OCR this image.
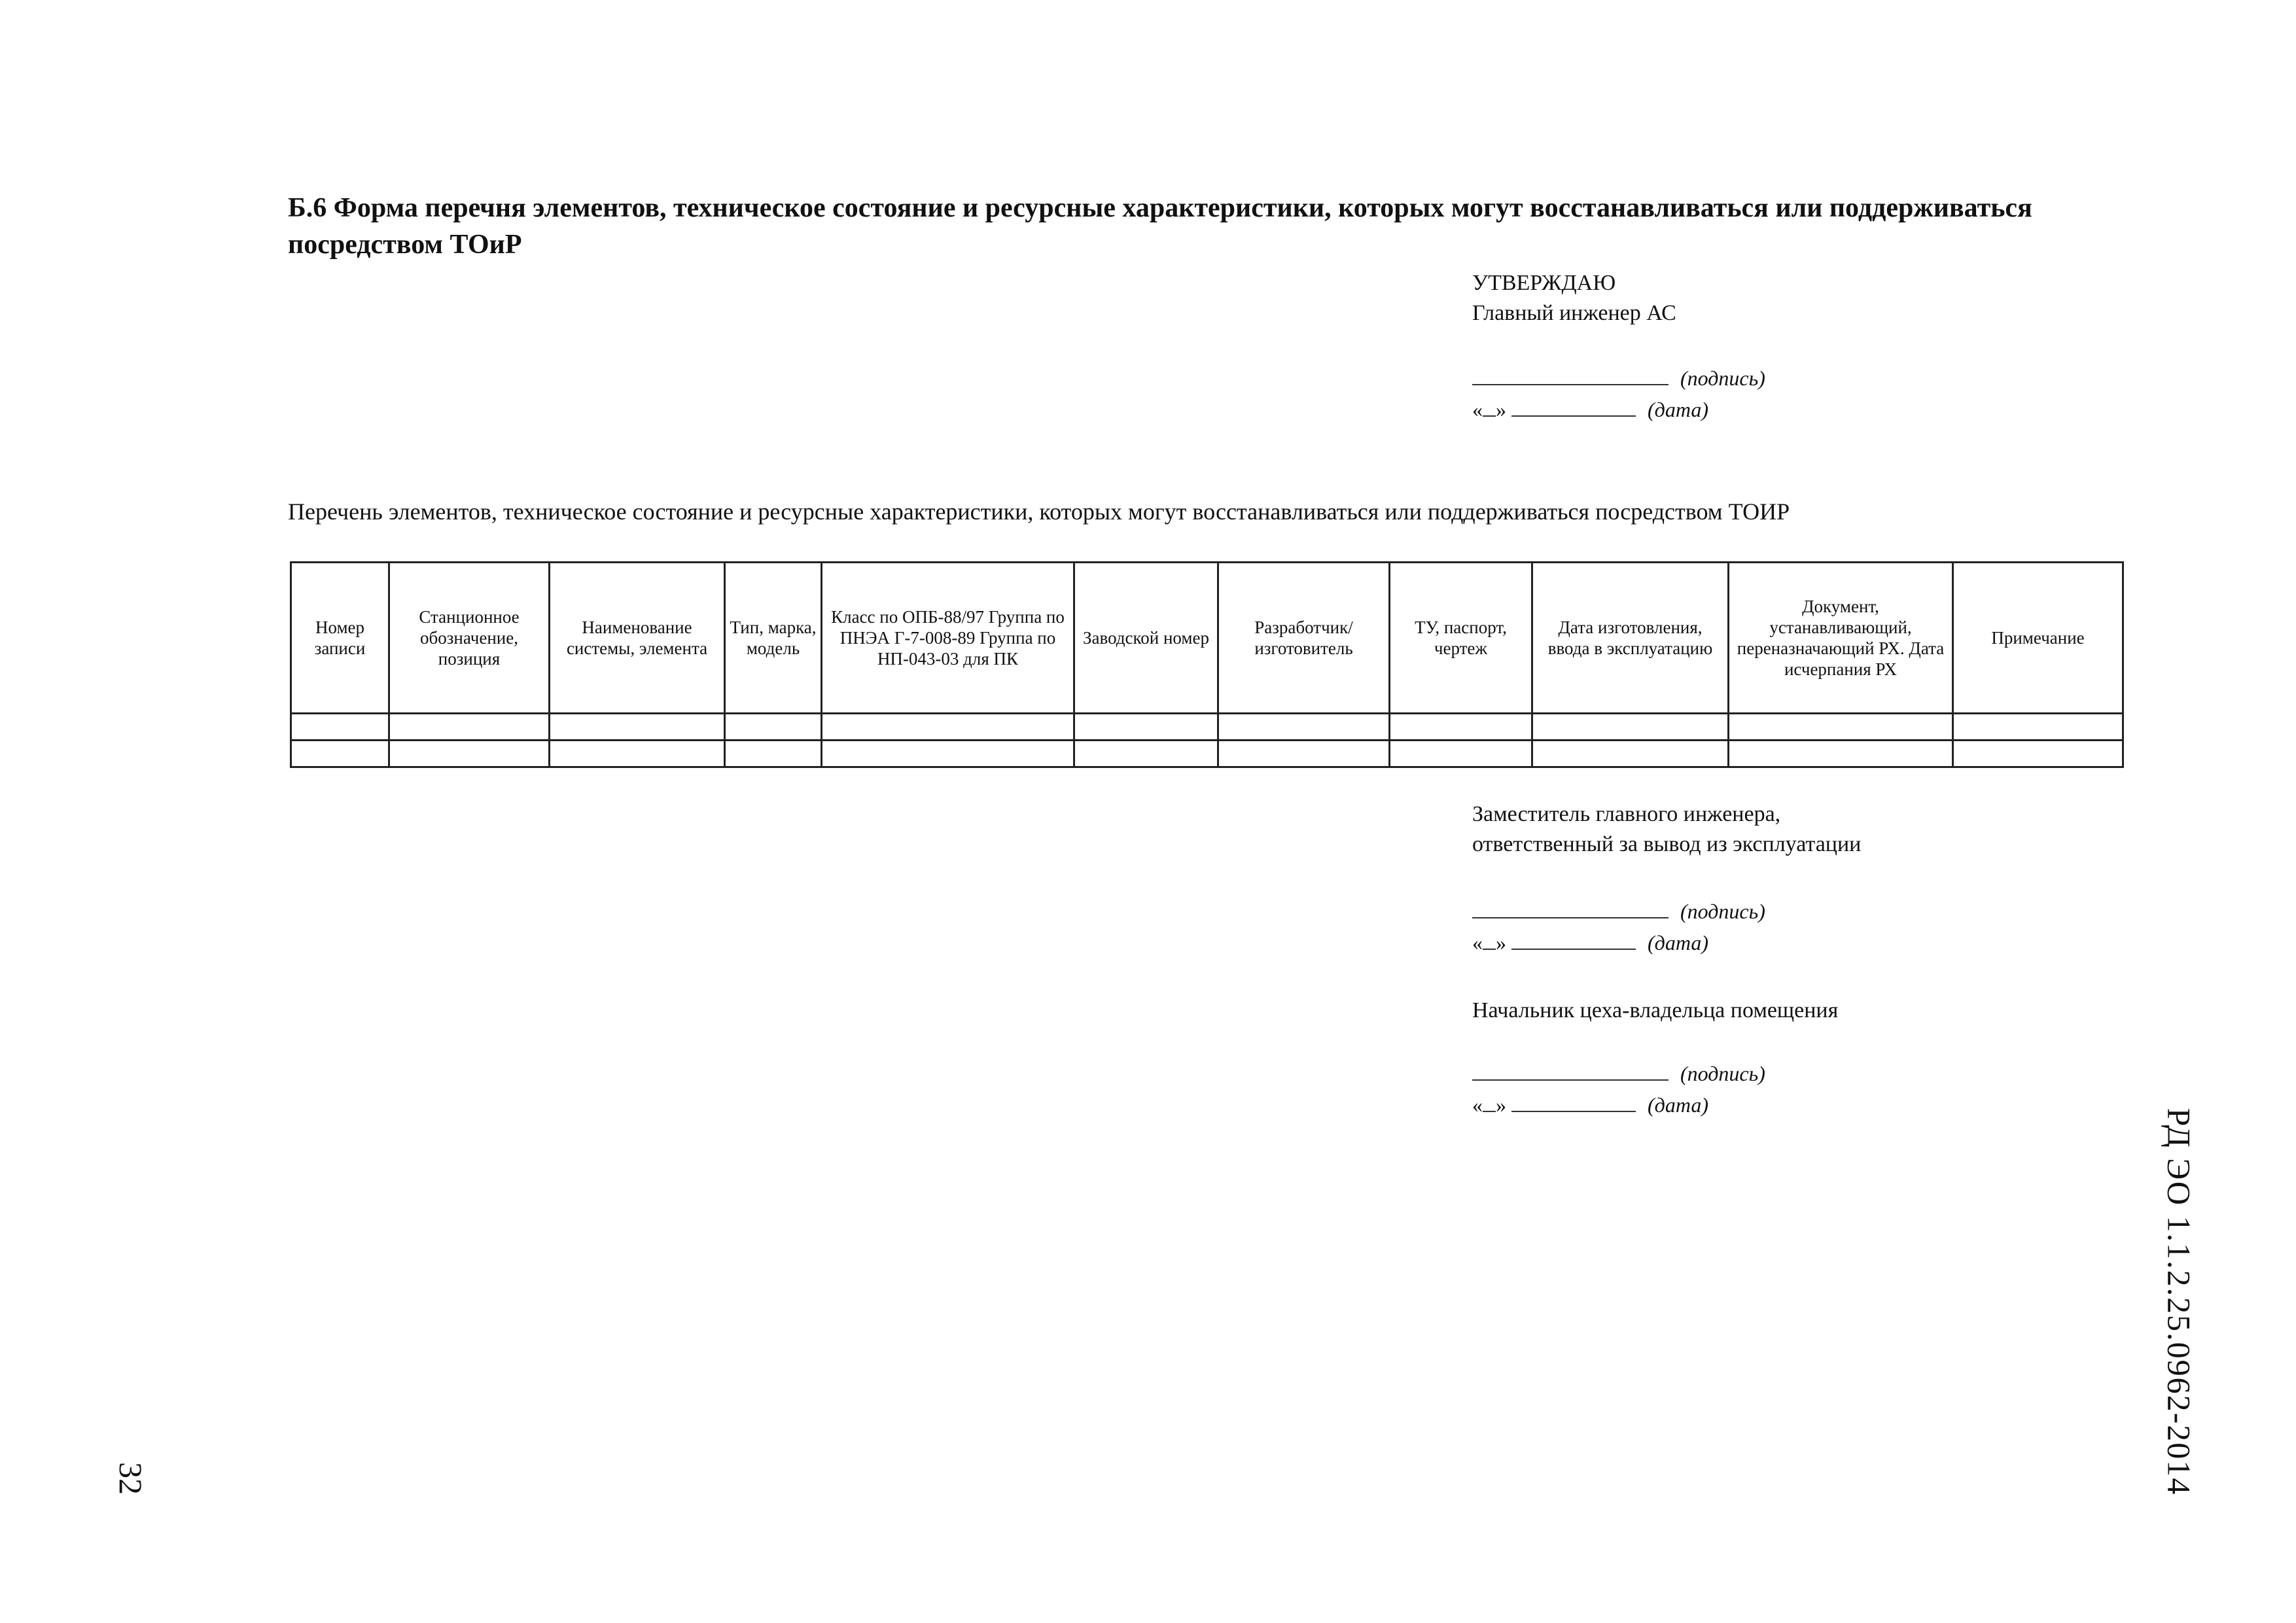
Б.6 Форма перечня элементов, техническое состояние и ресурсные характеристики, которых могут восстанавливаться или поддерживаться посредством ТОиР
УТВЕРЖДАЮ
Главный инженер АС
(подпись)
« »	(дата)
Перечень элементов, техническое состояние и ресурсные характеристики, которых могут восстанавливаться или поддерживаться посредством ТОИР
Номер записи	Станционное обозначение, позиция	Наименование системы, элемента	Тип, марка, модель	Класс по ОПБ-88/97 Группа по ПНЭА Г-7-008-89 Группа по НП-043-03 для ПК	Заводской номер	Разработчик/ изготовитель	ТУ, паспорт, чертеж	Дата изготовления, ввода в эксплуатацию	Документ, устанавливающий, переназначающий РХ. Дата исчерпания РХ	Примечание

Заместитель главного инженера,
ответственный за вывод из эксплуатации
(подпись)
« »	(дата)
Начальник цеха-владельца помещения
(подпись)
« »	(дата)
РД ЭО 1.1.2.25.0962-2014
32
